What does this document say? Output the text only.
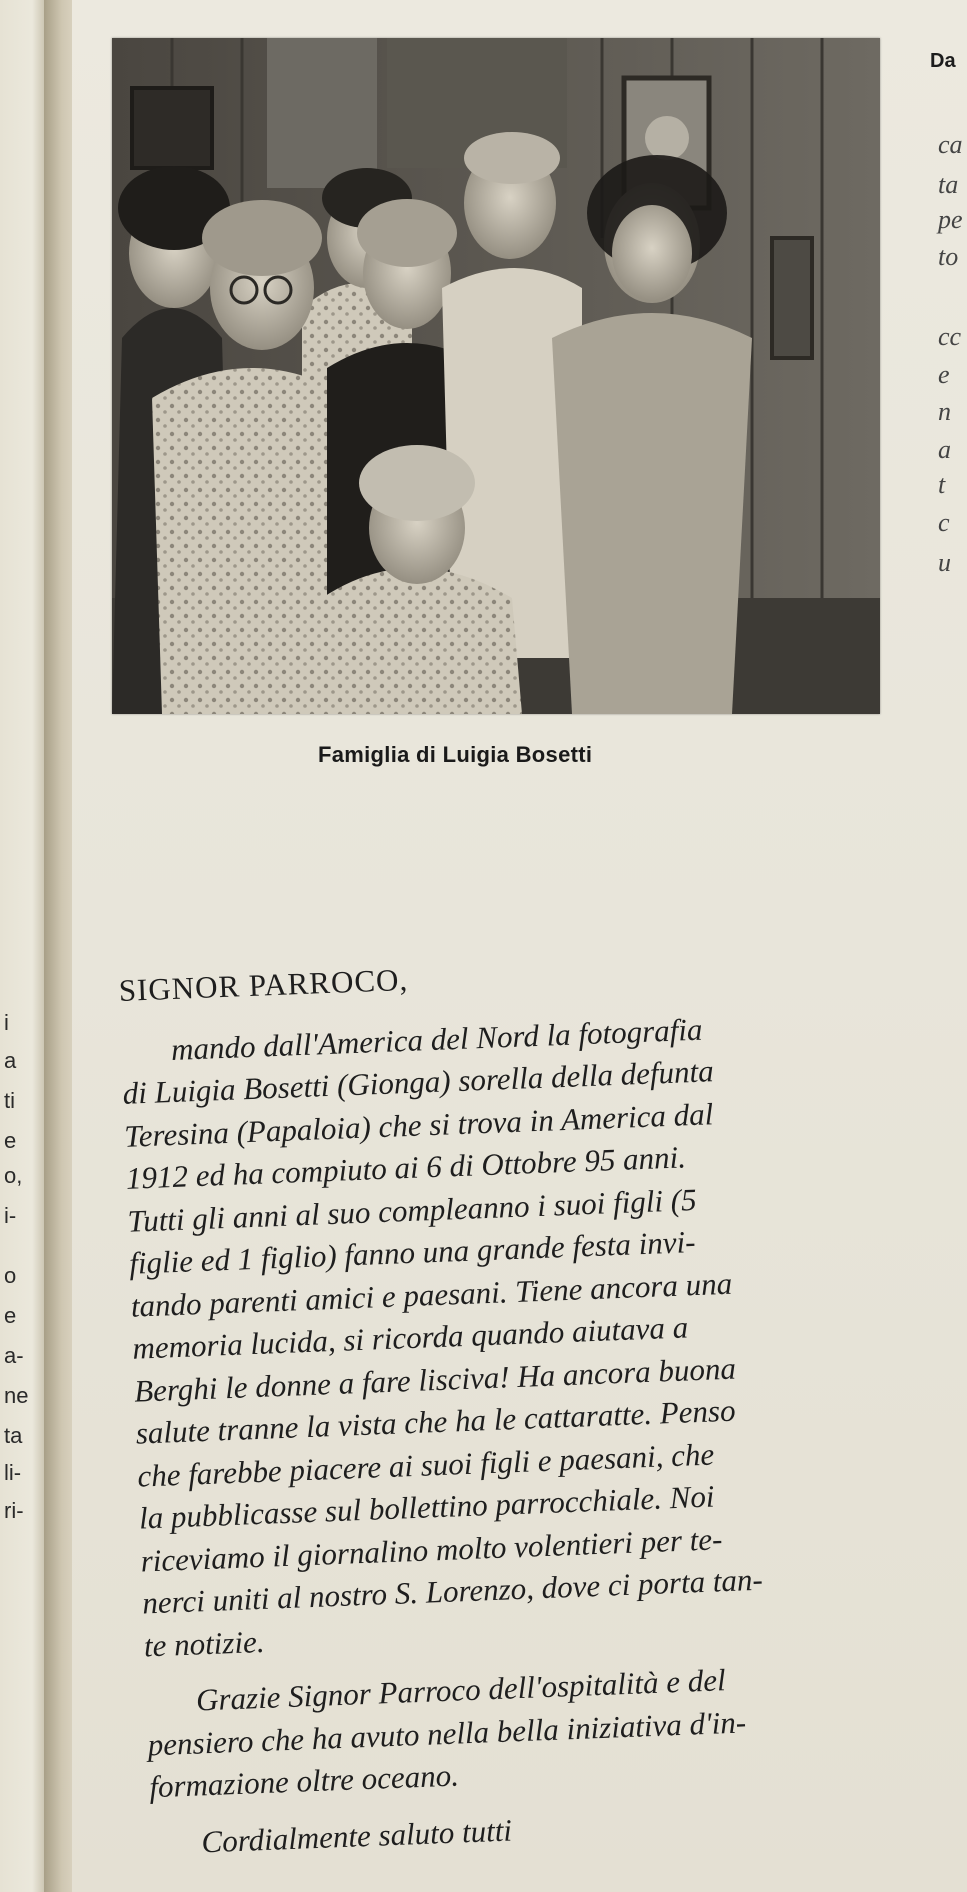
i
a
ti
e
o,
i-
o
e
a-
ne
ta
li-
ri-
Da
Famiglia di Luigia Bosetti
SIGNOR PARROCO,
mando dall'America del Nord la fotografia
di Luigia Bosetti (Gionga) sorella della defunta
Teresina (Papaloia) che si trova in America dal
1912 ed ha compiuto ai 6 di Ottobre 95 anni.
Tutti gli anni al suo compleanno i suoi figli (5
figlie ed 1 figlio) fanno una grande festa invi-
tando parenti amici e paesani. Tiene ancora una
memoria lucida, si ricorda quando aiutava a
Berghi le donne a fare lisciva! Ha ancora buona
salute tranne la vista che ha le cattaratte. Penso
che farebbe piacere ai suoi figli e paesani, che
la pubblicasse sul bollettino parrocchiale. Noi
riceviamo il giornalino molto volentieri per te-
nerci uniti al nostro S. Lorenzo, dove ci porta tan-
te notizie.
Grazie Signor Parroco dell'ospitalità e del
pensiero che ha avuto nella bella iniziativa d'in-
formazione oltre oceano.
Cordialmente saluto tutti
ca
ta
pe
to
cc
e
n
a
t
c
u
